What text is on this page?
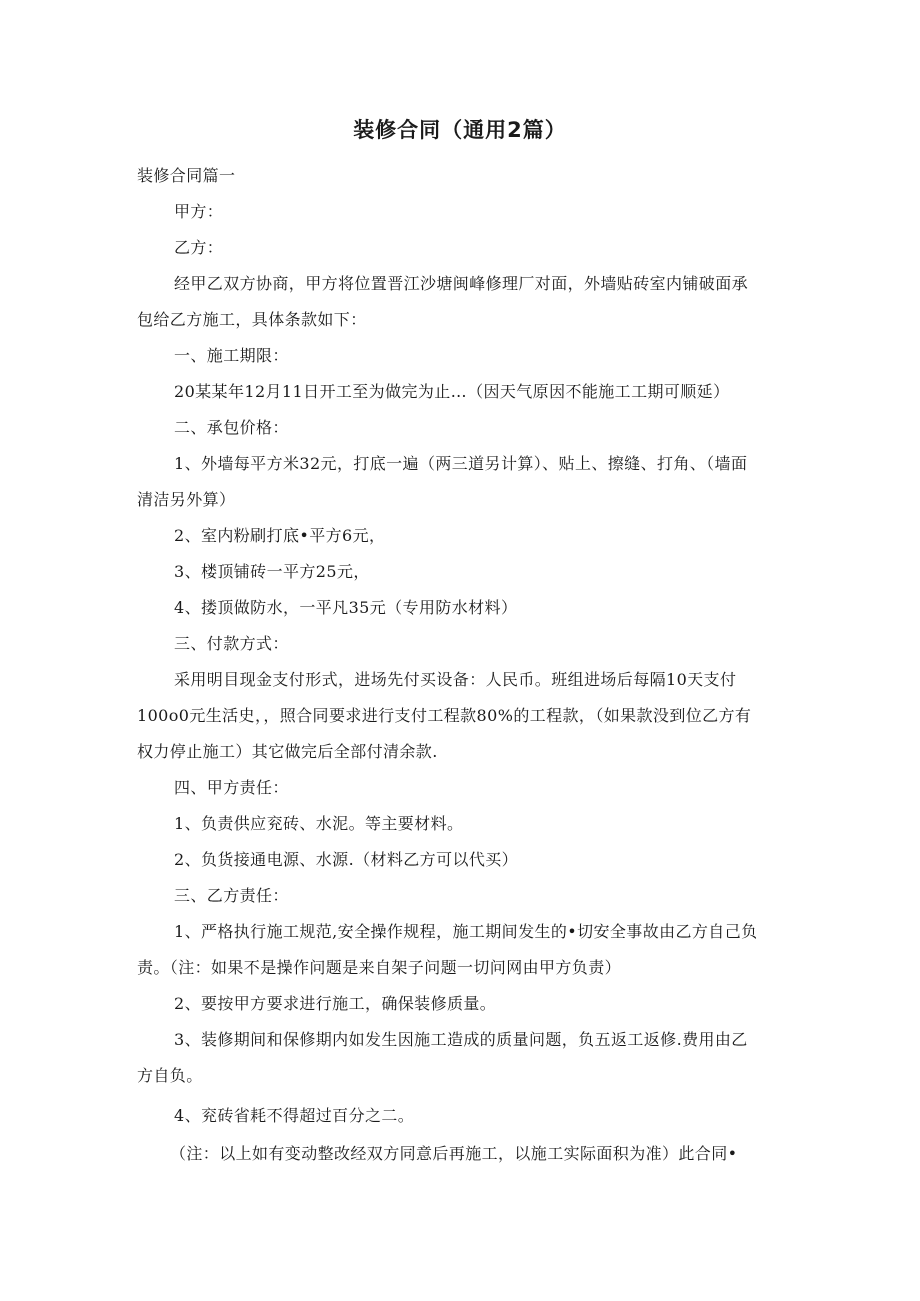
装修合同（通用2篇）
装修合同篇一
甲方：
乙方：
经甲乙双方协商，甲方将位置晋江沙塘闽峰修理厂对面，外墙贴砖室内铺破面承
包给乙方施工，具体条款如下：
一、施工期限：
20某某年12月11日开工至为做完为止…（因天气原因不能施工工期可顺延）
二、承包价格：
1、外墙每平方米32元，打底一遍（两三道另计算）、贴上、擦缝、打角、（墙面
清洁另外算）
2、室内粉刷打底•平方6元，
3、楼顶铺砖一平方25元，
4、搂顶做防水，一平凡35元（专用防水材料）
三、付款方式：
采用明目现金支付形式，进场先付买设备：人民币。班组进场后每隔10天支付
100o0元生活史，，照合同要求进行支付工程款80%的工程款，（如果款没到位乙方有
权力停止施工）其它做完后全部付清余款.
四、甲方责任：
1、负责供应兖砖、水泥。等主要材料。
2、负货接通电源、水源.（材料乙方可以代买）
三、乙方责任：
1、严格执行施工规范,安全操作规程，施工期间发生的•切安全事故由乙方自己负
责。（注：如果不是操作问题是来自架子问题一切问网由甲方负责）
2、要按甲方要求进行施工，确保装修质量。
3、装修期间和保修期内如发生因施工造成的质量问题，负五返工返修.费用由乙
方自负。
4、兖砖省耗不得超过百分之二。
（注：以上如有变动整改经双方同意后再施工，以施工实际面积为准）此合同•
